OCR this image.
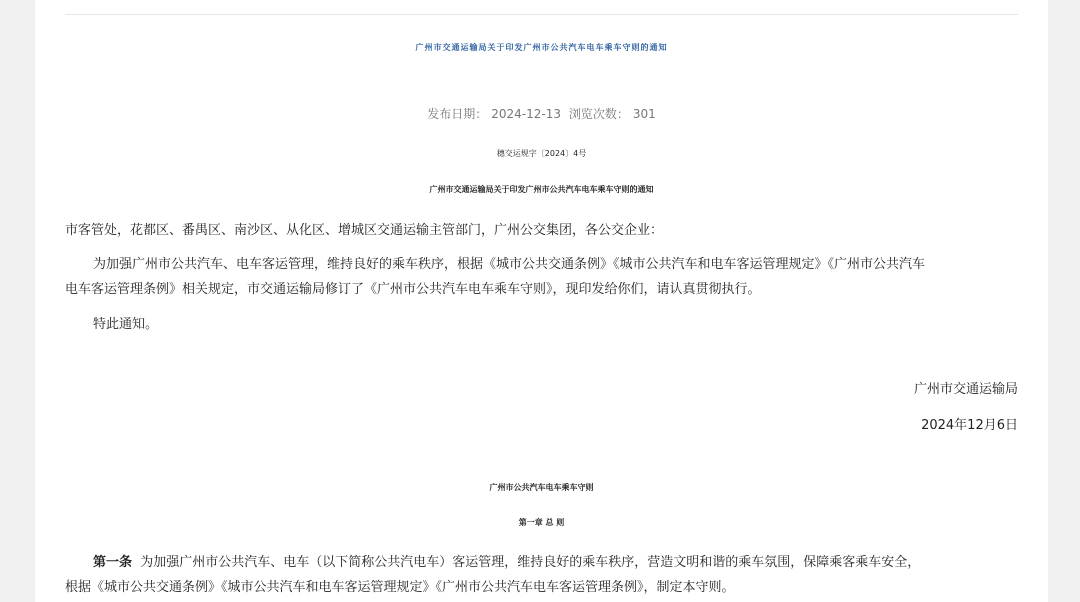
广州市交通运输局关于印发广州市公共汽车电车乘车守则的通知
发布日期： 2024-12-13 浏览次数： 301
穗交运规字〔2024〕4号
广州市交通运输局关于印发广州市公共汽车电车乘车守则的通知
市客管处，花都区、番禺区、南沙区、从化区、增城区交通运输主管部门，广州公交集团，各公交企业：
为加强广州市公共汽车、电车客运管理，维持良好的乘车秩序，根据《城市公共交通条例》《城市公共汽车和电车客运管理规定》《广州市公共汽车
电车客运管理条例》相关规定，市交通运输局修订了《广州市公共汽车电车乘车守则》，现印发给你们，请认真贯彻执行。
特此通知。
广州市交通运输局
2024年12月6日
广州市公共汽车电车乘车守则
第一章 总 则
第一条 为加强广州市公共汽车、电车（以下简称公共汽电车）客运管理，维持良好的乘车秩序，营造文明和谐的乘车氛围，保障乘客乘车安全，
根据《城市公共交通条例》《城市公共汽车和电车客运管理规定》《广州市公共汽车电车客运管理条例》，制定本守则。
